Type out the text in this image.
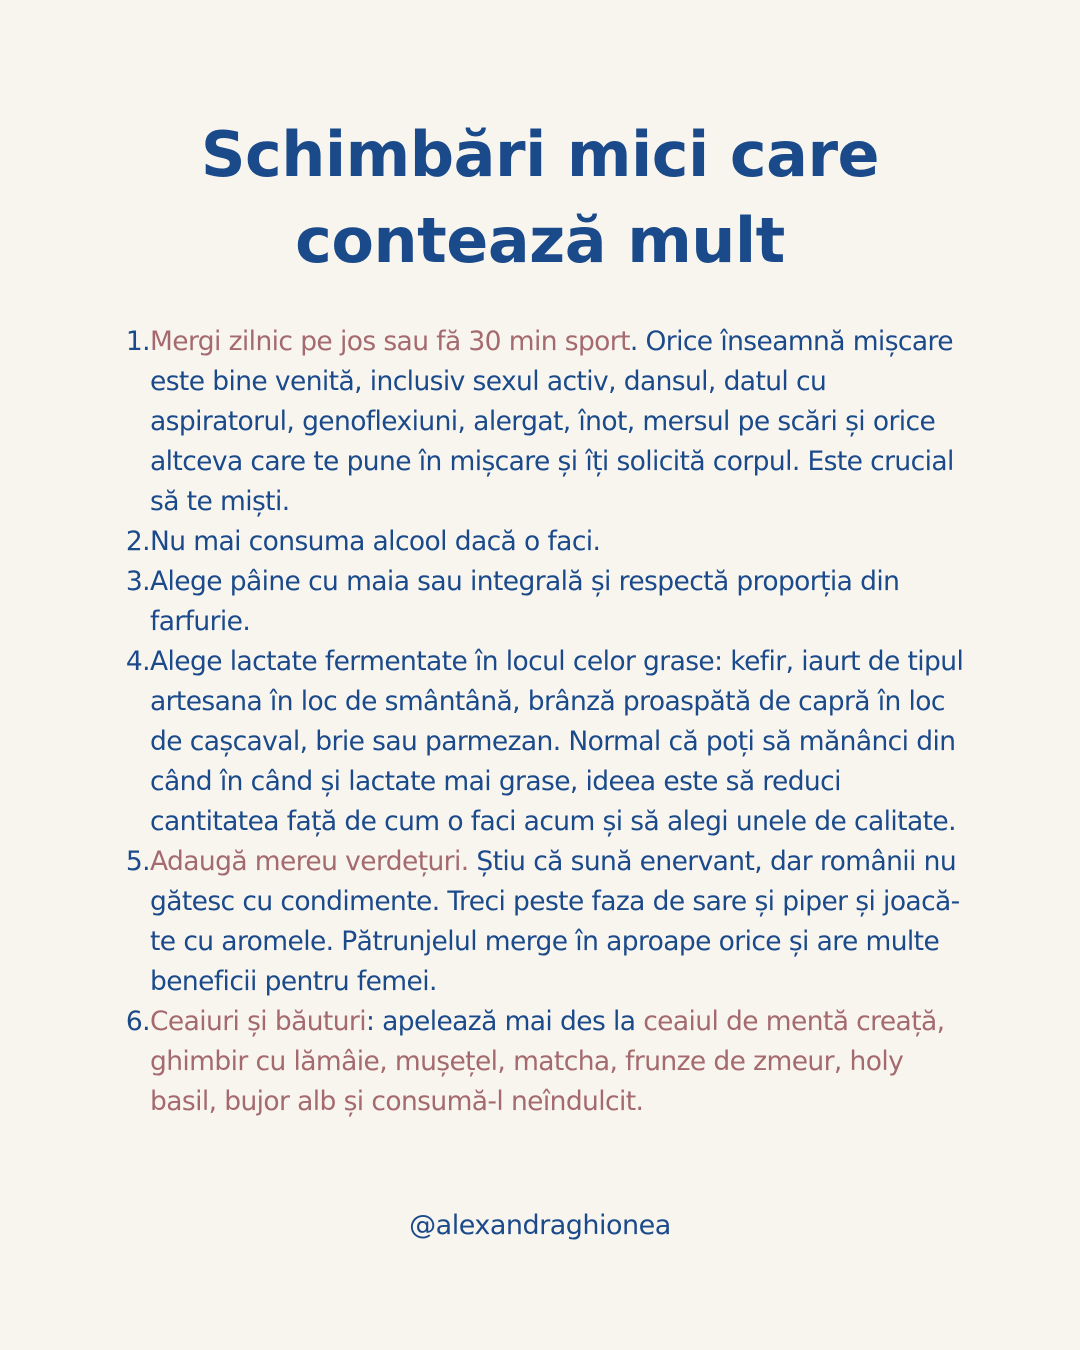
Schimbări mici care
contează mult
1. Mergi zilnic pe jos sau fă 30 min sport. Orice înseamnă mișcare este bine venită, inclusiv sexul activ, dansul, datul cu aspiratorul, genoflexiuni, alergat, înot, mersul pe scări și orice altceva care te pune în mișcare și îți solicită corpul. Este crucial să te miști.
2. Nu mai consuma alcool dacă o faci.
3. Alege pâine cu maia sau integrală și respectă proporția din farfurie.
4. Alege lactate fermentate în locul celor grase: kefir, iaurt de tipul artesana în loc de smântână, brânză proaspătă de capră în loc de cașcaval, brie sau parmezan. Normal că poți să mănânci din când în când și lactate mai grase, ideea este să reduci cantitatea față de cum o faci acum și să alegi unele de calitate.
5. Adaugă mereu verdețuri. Știu că sună enervant, dar românii nu gătesc cu condimente. Treci peste faza de sare și piper și joacă-te cu aromele. Pătrunjelul merge în aproape orice și are multe beneficii pentru femei.
6. Ceaiuri și băuturi: apelează mai des la ceaiul de mentă creață, ghimbir cu lămâie, mușețel, matcha, frunze de zmeur, holy basil, bujor alb și consumă-l neîndulcit.
@alexandraghionea
